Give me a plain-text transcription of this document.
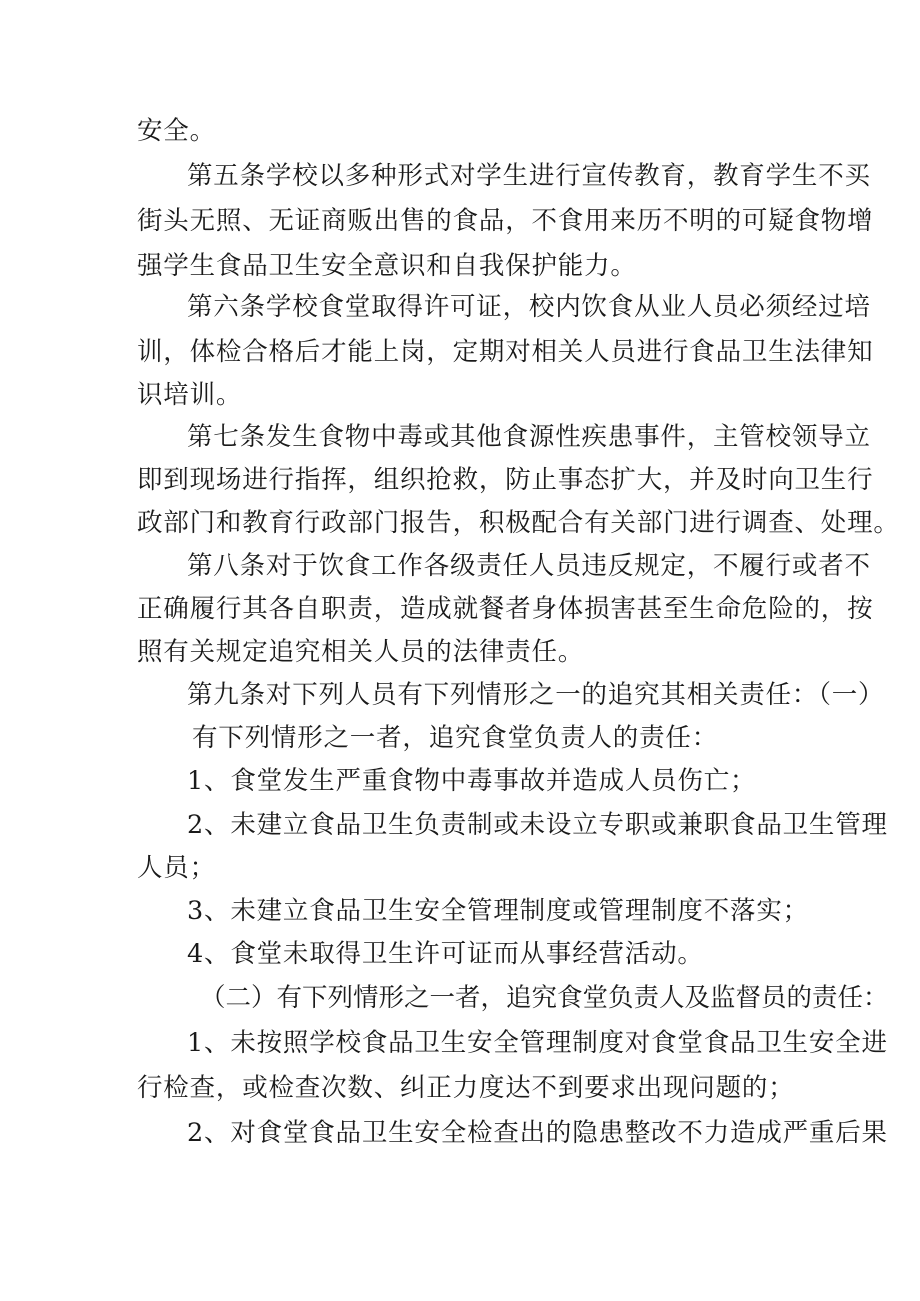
安全。

第五条学校以多种形式对学生进行宣传教育，教育学生不买

街头无照、无证商贩出售的食品，不食用来历不明的可疑食物增

强学生食品卫生安全意识和自我保护能力。

第六条学校食堂取得许可证，校内饮食从业人员必须经过培

训，体检合格后才能上岗，定期对相关人员进行食品卫生法律知

识培训。

第七条发生食物中毒或其他食源性疾患事件，主管校领导立

即到现场进行指挥，组织抢救，防止事态扩大，并及时向卫生行

政部门和教育行政部门报告，积极配合有关部门进行调查、处理。

第八条对于饮食工作各级责任人员违反规定，不履行或者不

正确履行其各自职责，造成就餐者身体损害甚至生命危险的，按

照有关规定追究相关人员的法律责任。

第九条对下列人员有下列情形之一的追究其相关责任：（一）

有下列情形之一者，追究食堂负责人的责任：

1、食堂发生严重食物中毒事故并造成人员伤亡；

2、未建立食品卫生负责制或未设立专职或兼职食品卫生管理

人员；

3、未建立食品卫生安全管理制度或管理制度不落实；

4、食堂未取得卫生许可证而从事经营活动。

（二）有下列情形之一者，追究食堂负责人及监督员的责任：

1、未按照学校食品卫生安全管理制度对食堂食品卫生安全进

行检查，或检查次数、纠正力度达不到要求出现问题的；

2、对食堂食品卫生安全检查出的隐患整改不力造成严重后果
